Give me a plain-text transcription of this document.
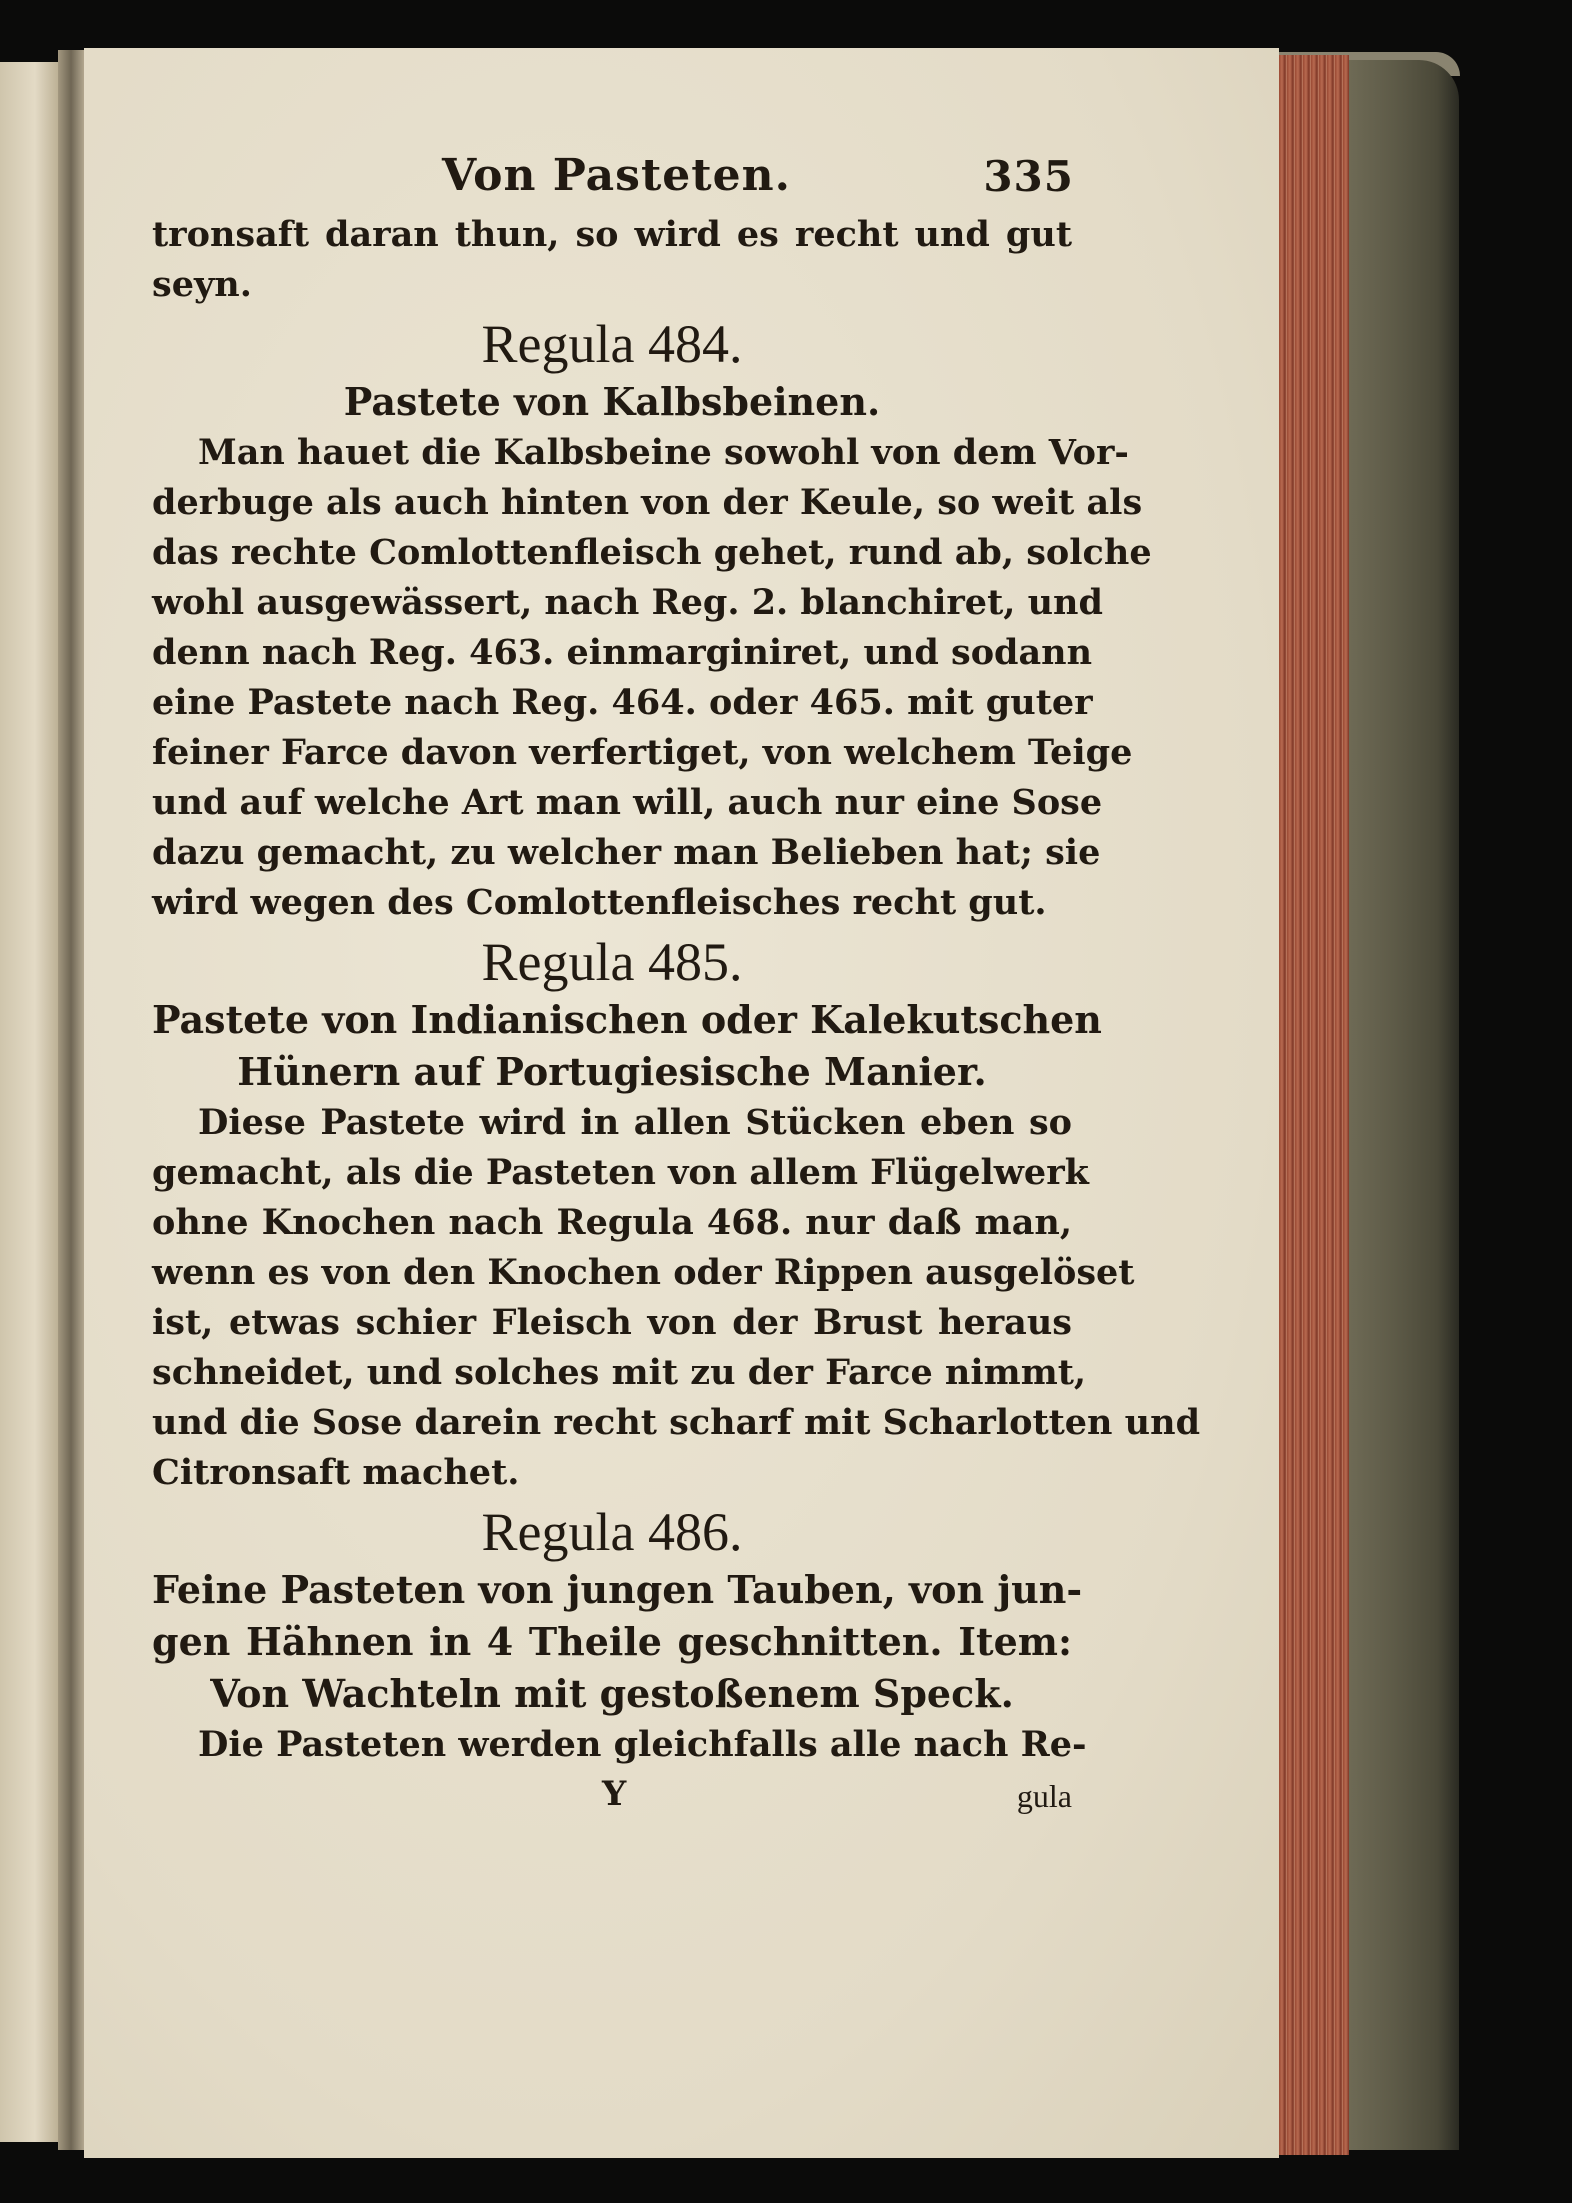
Von Pasteten.	335
tronsaft daran thun, so wird es recht und gut
seyn.
Regula 484.
Pastete von Kalbsbeinen.
Man hauet die Kalbsbeine sowohl von dem Vor-
derbuge als auch hinten von der Keule, so weit als
das rechte Comlottenfleisch gehet, rund ab, solche
wohl ausgewässert, nach Reg. 2. blanchiret, und
denn nach Reg. 463. einmarginiret, und sodann
eine Pastete nach Reg. 464. oder 465. mit guter
feiner Farce davon verfertiget, von welchem Teige
und auf welche Art man will, auch nur eine Sose
dazu gemacht, zu welcher man Belieben hat; sie
wird wegen des Comlottenfleisches recht gut.
Regula 485.
Pastete von Indianischen oder Kalekutschen
Hünern auf Portugiesische Manier.
Diese Pastete wird in allen Stücken eben so
gemacht, als die Pasteten von allem Flügelwerk
ohne Knochen nach Regula 468. nur daß man,
wenn es von den Knochen oder Rippen ausgelöset
ist, etwas schier Fleisch von der Brust heraus
schneidet, und solches mit zu der Farce nimmt,
und die Sose darein recht scharf mit Scharlotten und
Citronsaft machet.
Regula 486.
Feine Pasteten von jungen Tauben, von jun-
gen Hähnen in 4 Theile geschnitten. Item:
Von Wachteln mit gestoßenem Speck.
Die Pasteten werden gleichfalls alle nach Re-
Y	gula
